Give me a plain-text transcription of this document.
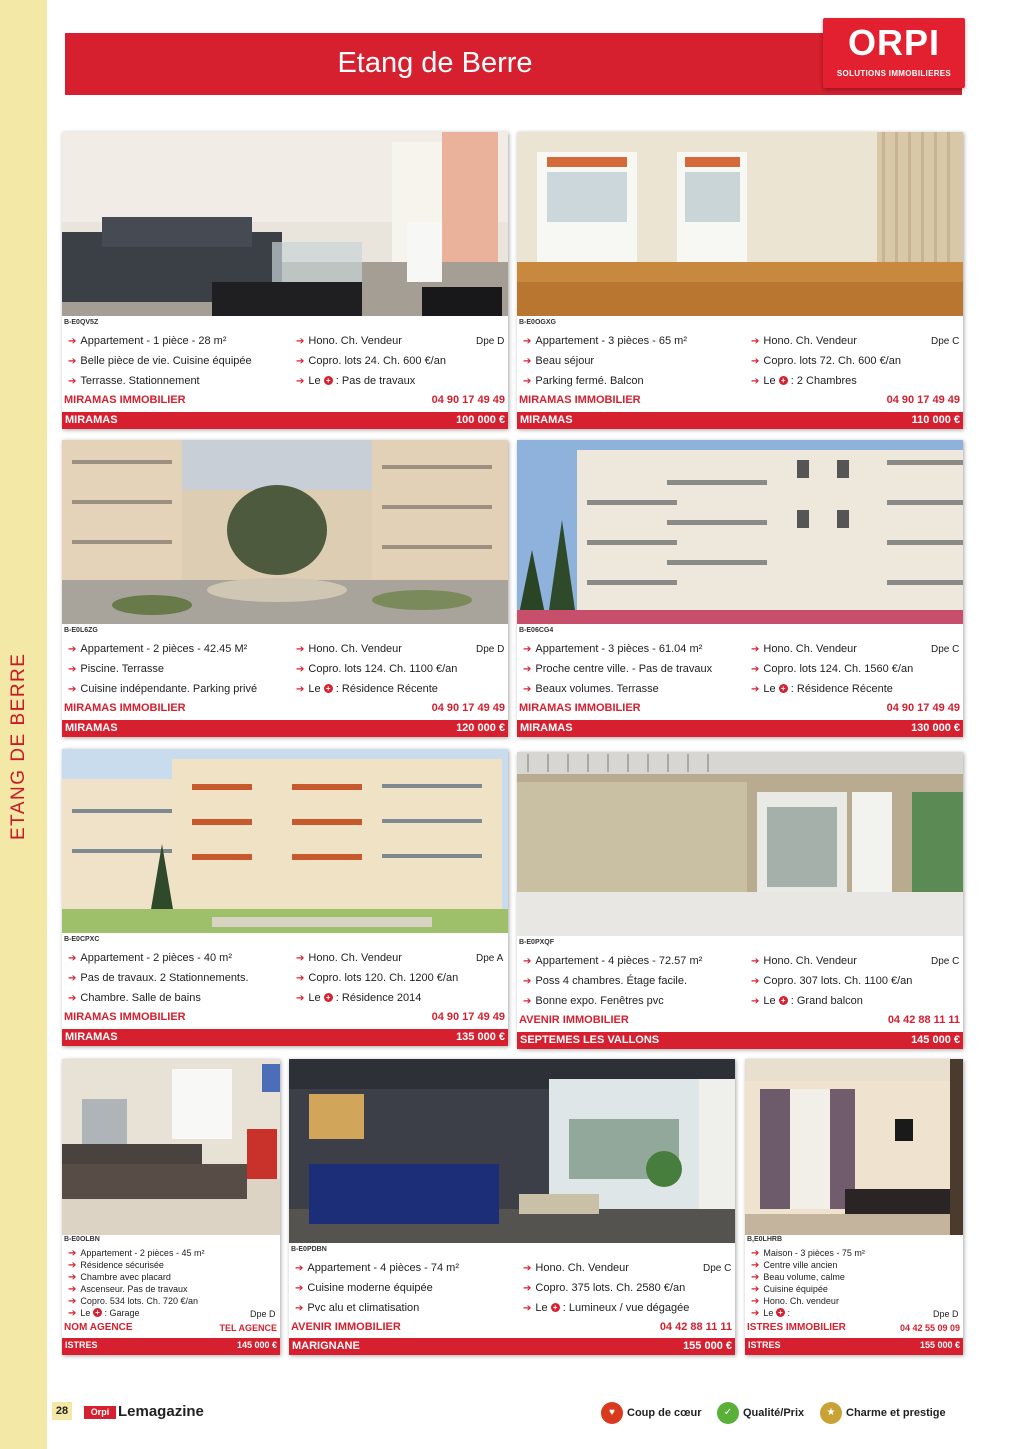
ETANG DE BERRE
Etang de Berre	ORPI
SOLUTIONS IMMOBILIERES
B-E0QV5Z
➔ Appartement - 1 pièce - 28 m²
➔ Belle pièce de vie. Cuisine équipée
➔ Terrasse. Stationnement
➔ Hono. Ch. Vendeur
➔ Copro. lots 24. Ch. 600 €/an
➔ Le + : Pas de travaux
Dpe D
MIRAMAS IMMOBILIER	04 90 17 49 49
MIRAMAS	100 000 €
B-E0OGXG
➔ Appartement - 3 pièces - 65 m²
➔ Beau séjour
➔ Parking fermé. Balcon
➔ Hono. Ch. Vendeur
➔ Copro. lots 72. Ch. 600 €/an
➔ Le + : 2 Chambres
Dpe C
MIRAMAS IMMOBILIER	04 90 17 49 49
MIRAMAS	110 000 €
B-E0L6ZG
➔ Appartement - 2 pièces - 42.45 M²
➔ Piscine. Terrasse
➔ Cuisine indépendante. Parking privé
➔ Hono. Ch. Vendeur
➔ Copro. lots 124. Ch. 1100 €/an
➔ Le + : Résidence Récente
Dpe D
MIRAMAS IMMOBILIER	04 90 17 49 49
MIRAMAS	120 000 €
B-E06CG4
➔ Appartement - 3 pièces - 61.04 m²
➔ Proche centre ville. - Pas de travaux
➔ Beaux volumes. Terrasse
➔ Hono. Ch. Vendeur
➔ Copro. lots 124. Ch. 1560 €/an
➔ Le + : Résidence Récente
Dpe C
MIRAMAS IMMOBILIER	04 90 17 49 49
MIRAMAS	130 000 €
B-E0CPXC
➔ Appartement - 2 pièces - 40 m²
➔ Pas de travaux. 2 Stationnements.
➔ Chambre. Salle de bains
➔ Hono. Ch. Vendeur
➔ Copro. lots 120. Ch. 1200 €/an
➔ Le + : Résidence 2014
Dpe A
MIRAMAS IMMOBILIER	04 90 17 49 49
MIRAMAS	135 000 €
B-E0PXQF
➔ Appartement - 4 pièces - 72.57 m²
➔ Poss 4 chambres. Étage facile.
➔ Bonne expo. Fenêtres pvc
➔ Hono. Ch. Vendeur
➔ Copro. 307 lots. Ch. 1100 €/an
➔ Le + : Grand balcon
Dpe C
AVENIR IMMOBILIER	04 42 88 11 11
SEPTEMES LES VALLONS	145 000 €
B-E0OLBN
➔ Appartement - 2 pièces - 45 m²
➔ Résidence sécurisée
➔ Chambre avec placard
➔ Ascenseur. Pas de travaux
➔ Copro. 534 lots. Ch. 720 €/an
➔ Le + : Garage	Dpe D
NOM AGENCE	TEL AGENCE
ISTRES	145 000 €
B-E0PDBN
➔ Appartement - 4 pièces - 74 m²
➔ Cuisine moderne équipée
➔ Pvc alu et climatisation
➔ Hono. Ch. Vendeur
➔ Copro. 375 lots. Ch. 2580 €/an
➔ Le + : Lumineux / vue dégagée
Dpe C
AVENIR IMMOBILIER	04 42 88 11 11
MARIGNANE	155 000 €
B,E0LHRB
➔ Maison - 3 pièces - 75 m²
➔ Centre ville ancien
➔ Beau volume, calme
➔ Cuisine équipée
➔ Hono. Ch. vendeur
➔ Le + :	Dpe D
ISTRES IMMOBILIER	04 42 55 09 09
ISTRES	155 000 €
28	Orpi Lemagazine	♥ Coup de cœur	✓ Qualité/Prix	★ Charme et prestige
